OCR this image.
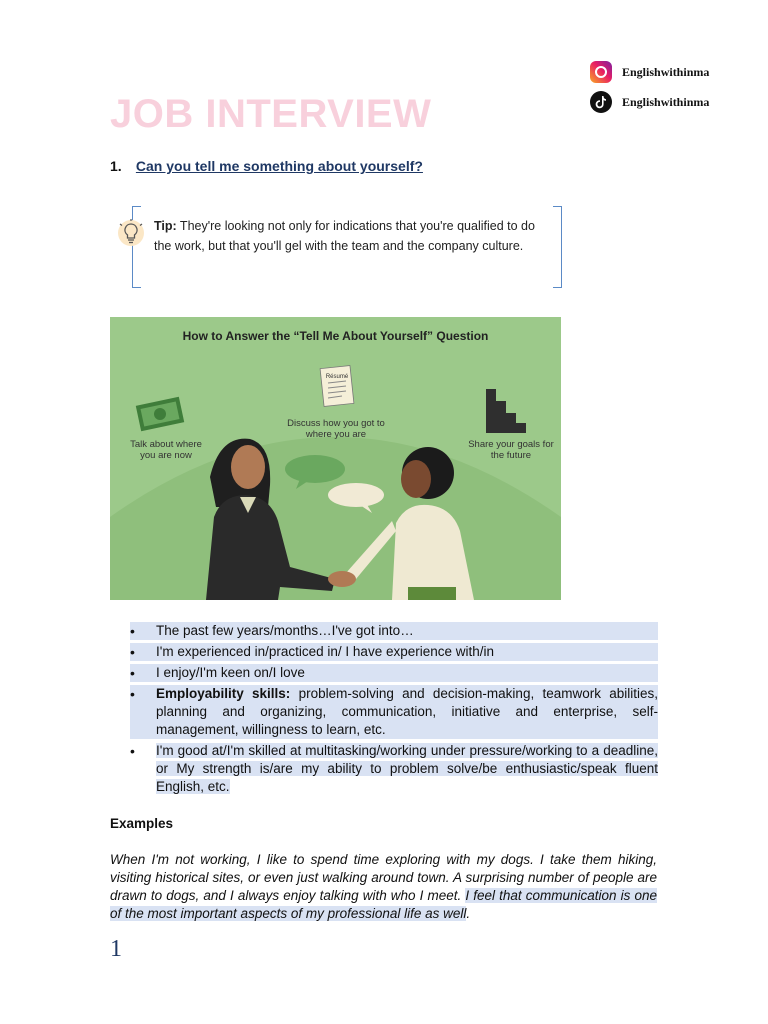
Englishwithinma
Englishwithinma
JOB INTERVIEW
1. Can you tell me something about yourself?
Tip: They're looking not only for indications that you're qualified to do the work, but that you'll gel with the team and the company culture.
How to Answer the “Tell Me About Yourself” Question
Talk about where you are now
Discuss how you got to where you are
Share your goals for the future
Résumé
• The past few years/months…I've got into…
• I'm experienced in/practiced in/ I have experience with/in
• I enjoy/I'm keen on/I love
• Employability skills: problem-solving and decision-making, teamwork abilities, planning and organizing, communication, initiative and enterprise, self-management, willingness to learn, etc.
• I'm good at/I'm skilled at multitasking/working under pressure/working to a deadline, or My strength is/are my ability to problem solve/be enthusiastic/speak fluent English, etc.
Examples
When I'm not working, I like to spend time exploring with my dogs. I take them hiking, visiting historical sites, or even just walking around town. A surprising number of people are drawn to dogs, and I always enjoy talking with who I meet. I feel that communication is one of the most important aspects of my professional life as well.
1
